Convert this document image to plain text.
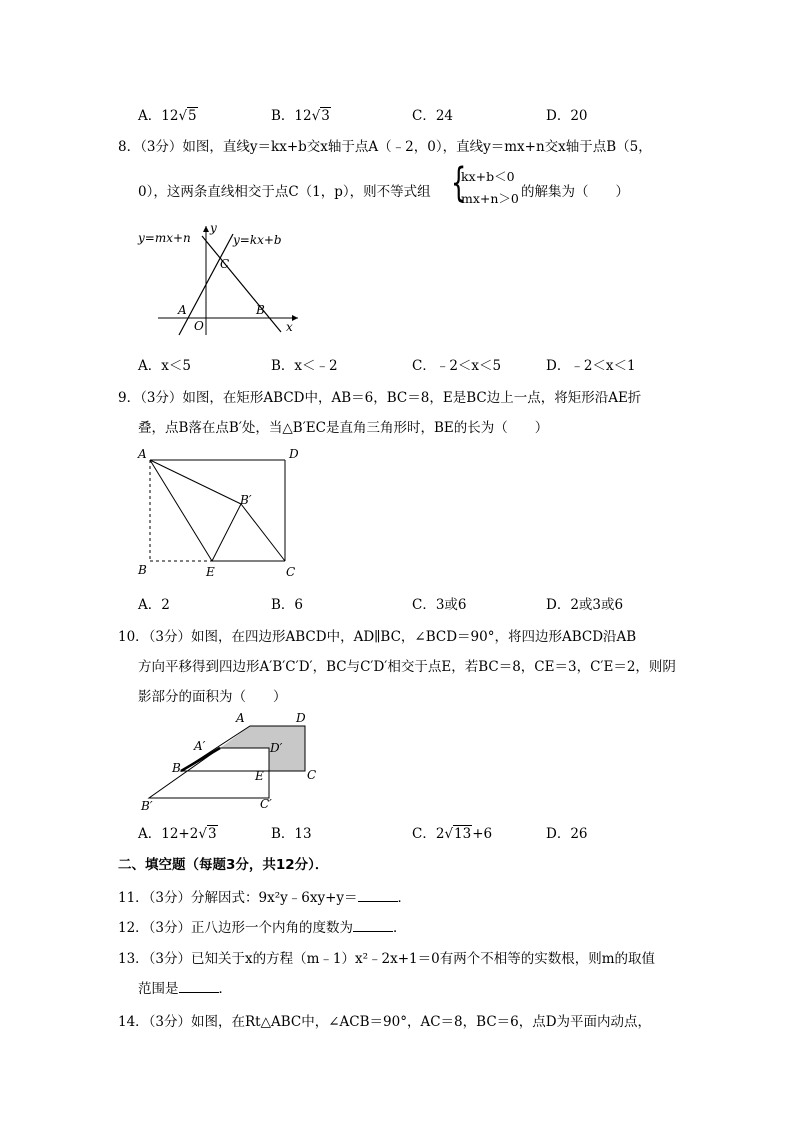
A．12√5	B．12√3	C．24	D．20
8．（3分）如图，直线y＝kx+b交x轴于点A（﹣2，0），直线y＝mx+n交x轴于点B（5，
0），这两条直线相交于点C（1，p），则不等式组 {
kx+b＜0
mx+n＞0 的解集为（　　）
y=mx+n	y=kx+b
y
x
C
A
O
B
A．x＜5	B．x＜﹣2	C．﹣2＜x＜5	D．﹣2＜x＜1
9．（3分）如图，在矩形ABCD中，AB＝6，BC＝8，E是BC边上一点，将矩形沿AE折
叠，点B落在点B′处，当△B′EC是直角三角形时，BE的长为（　　）
A	D
B′
B	E	C
A．2	B．6	C．3或6	D．2或3或6
10．（3分）如图，在四边形ABCD中，AD∥BC，∠BCD＝90°，将四边形ABCD沿AB
方向平移得到四边形A′B′C′D′，BC与C′D′相交于点E，若BC＝8，CE＝3，C′E＝2，则阴
影部分的面积为（　　）
A	D
A′	D′
B
E	C
B′	C′
A．12+2√3	B．13	C．2√13+6	D．26
二、填空题（每题3分，共12分）．
11．（3分）分解因式：9x²y﹣6xy+y＝	．
12．（3分）正八边形一个内角的度数为	．
13．（3分）已知关于x的方程（m﹣1）x²﹣2x+1＝0有两个不相等的实数根，则m的取值
范围是	．
14．（3分）如图，在Rt△ABC中，∠ACB＝90°，AC＝8，BC＝6，点D为平面内动点，
